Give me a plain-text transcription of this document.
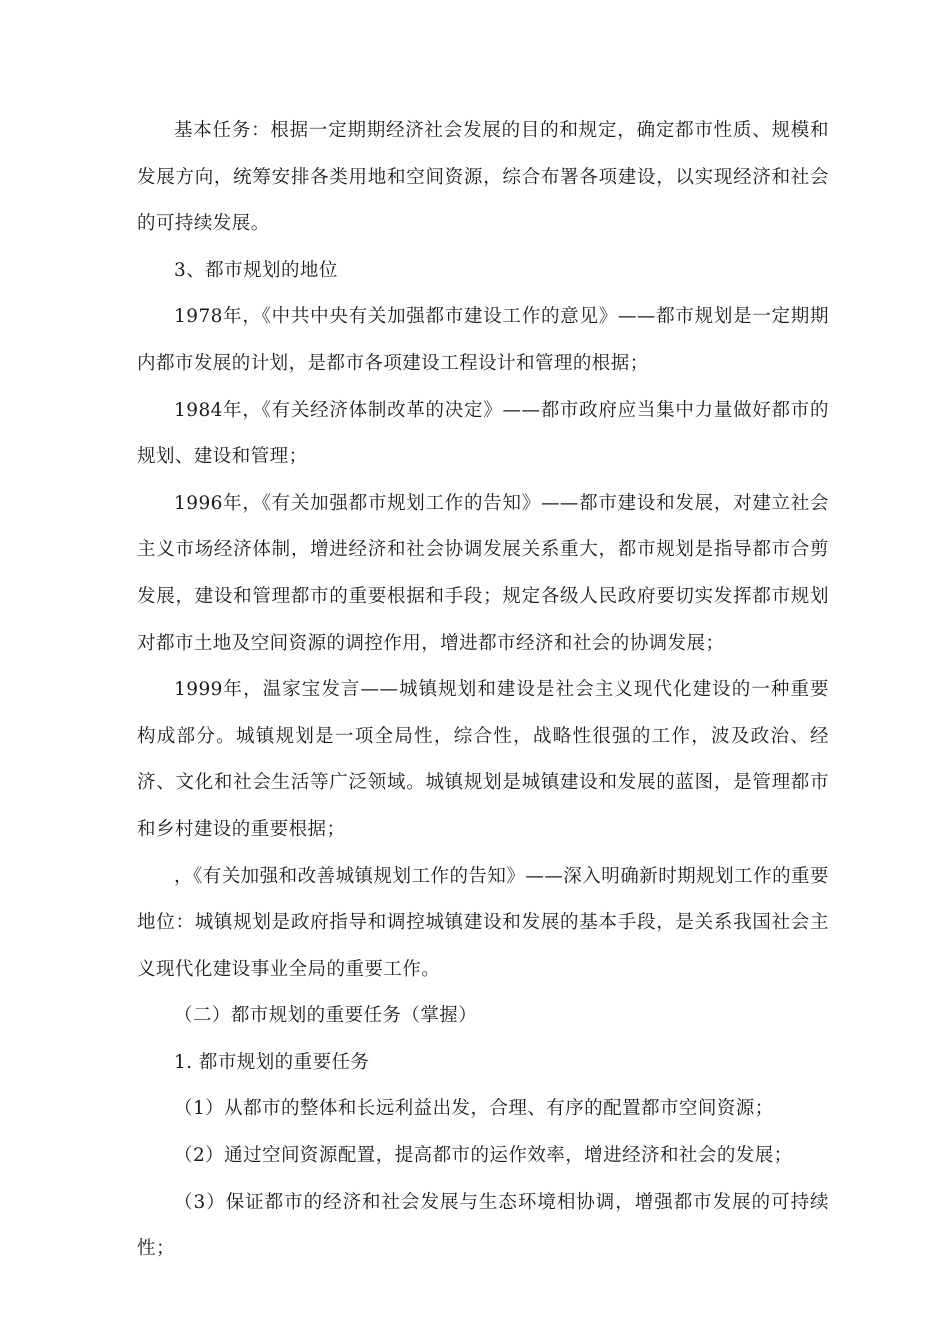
基本任务：根据一定期期经济社会发展的目的和规定，确定都市性质、规模和发展方向，统筹安排各类用地和空间资源，综合布署各项建设，以实现经济和社会的可持续发展。

3、都市规划的地位

1978年，《中共中央有关加强都市建设工作的意见》——都市规划是一定期期内都市发展的计划，是都市各项建设工程设计和管理的根据；

1984年，《有关经济体制改革的决定》——都市政府应当集中力量做好都市的规划、建设和管理；

1996年，《有关加强都市规划工作的告知》——都市建设和发展，对建立社会主义市场经济体制，增进经济和社会协调发展关系重大，都市规划是指导都市合剪发展，建设和管理都市的重要根据和手段；规定各级人民政府要切实发挥都市规划对都市土地及空间资源的调控作用，增进都市经济和社会的协调发展；

1999年，温家宝发言——城镇规划和建设是社会主义现代化建设的一种重要构成部分。城镇规划是一项全局性，综合性，战略性很强的工作，波及政治、经济、文化和社会生活等广泛领域。城镇规划是城镇建设和发展的蓝图，是管理都市和乡村建设的重要根据；

，《有关加强和改善城镇规划工作的告知》——深入明确新时期规划工作的重要地位：城镇规划是政府指导和调控城镇建设和发展的基本手段，是关系我国社会主义现代化建设事业全局的重要工作。

（二）都市规划的重要任务（掌握）

1. 都市规划的重要任务

（1）从都市的整体和长远利益出发，合理、有序的配置都市空间资源；

（2）通过空间资源配置，提高都市的运作效率，增进经济和社会的发展；

（3）保证都市的经济和社会发展与生态环境相协调，增强都市发展的可持续性；
